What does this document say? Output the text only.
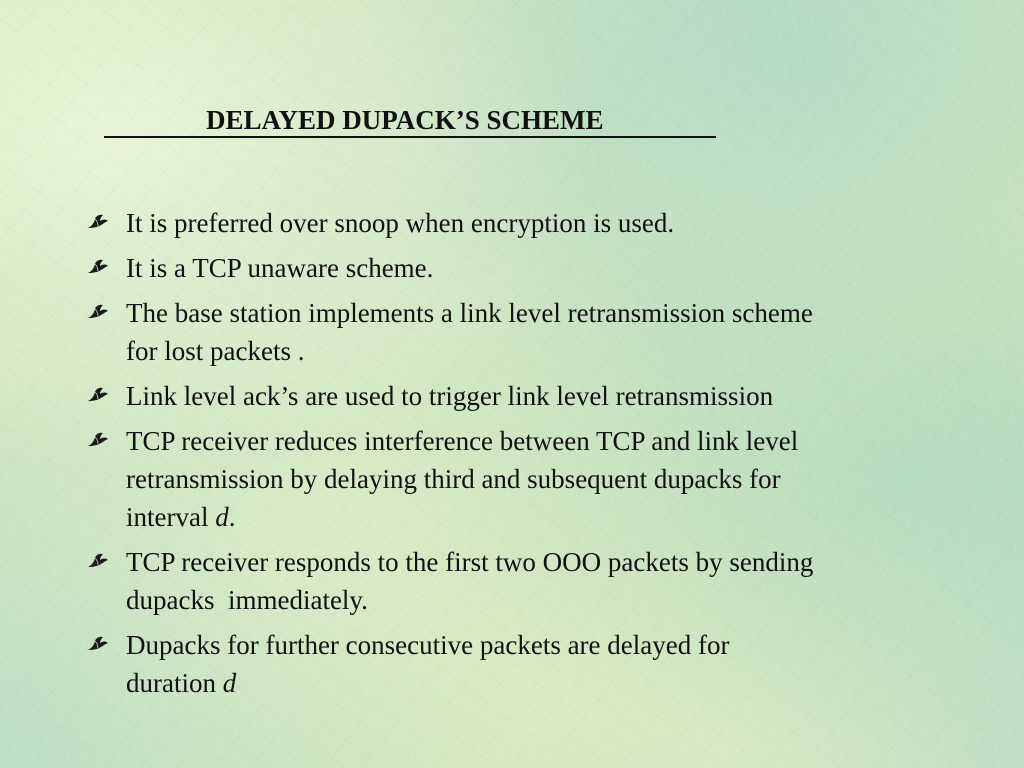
DELAYED DUPACK’S SCHEME
It is preferred over snoop when encryption is used.
It is a TCP unaware scheme.
The base station implements a link level retransmission scheme
for lost packets .
Link level ack’s are used to trigger link level retransmission
TCP receiver reduces interference between TCP and link level
retransmission by delaying third and subsequent dupacks for
interval d.
TCP receiver responds to the first two OOO packets by sending
dupacks  immediately.
Dupacks for further consecutive packets are delayed for
duration d
